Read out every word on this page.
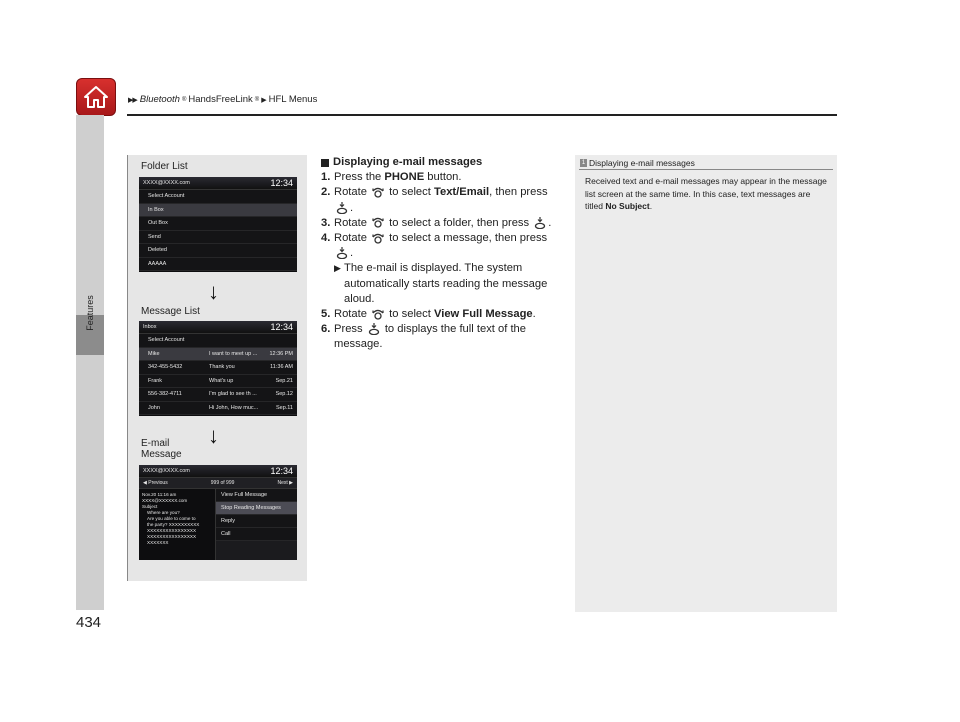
▶▶ Bluetooth ® HandsFreeLink ® ▶ HFL Menus
Features
434
Folder List
XXXX@XXXX.com	12:34
Select Account
In Box
Out Box
Send
Deleted
AAAAA
↓
Message List
Inbox	12:34
Select Account
Mike	I want to meet up ...	12:36 PM
342-455-5432	Thank you	11:36 AM
Frank	What's up	Sep.21
556-382-4711	I'm glad to see th ...	Sep.12
John	Hi John, How muc...	Sep.11
↓
E-mail
Message
XXXX@XXXX.com	12:34
◀ Previous	999 of 999	Next ▶
Nov.20 11:16 am
XXXX@XXXXXX.com
Subject
Where are you?
Are you able to come to
the party? XXXXXXXXXX
XXXXXXXXXXXXXXXX
XXXXXXXXXXXXXXXX
XXXXXXX
View Full Message
Stop Reading Messages
Reply
Call
Displaying e-mail messages
1. Press the PHONE button.
2. Rotate  to select Text/Email, then press
.
3. Rotate  to select a folder, then press .
4. Rotate  to select a message, then press
.
▶ The e-mail is displayed. The system automatically starts reading the message aloud.
5. Rotate  to select View Full Message.
6. Press  to displays the full text of the message.
1 Displaying e-mail messages
Received text and e-mail messages may appear in the message list screen at the same time. In this case, text messages are titled No Subject.
